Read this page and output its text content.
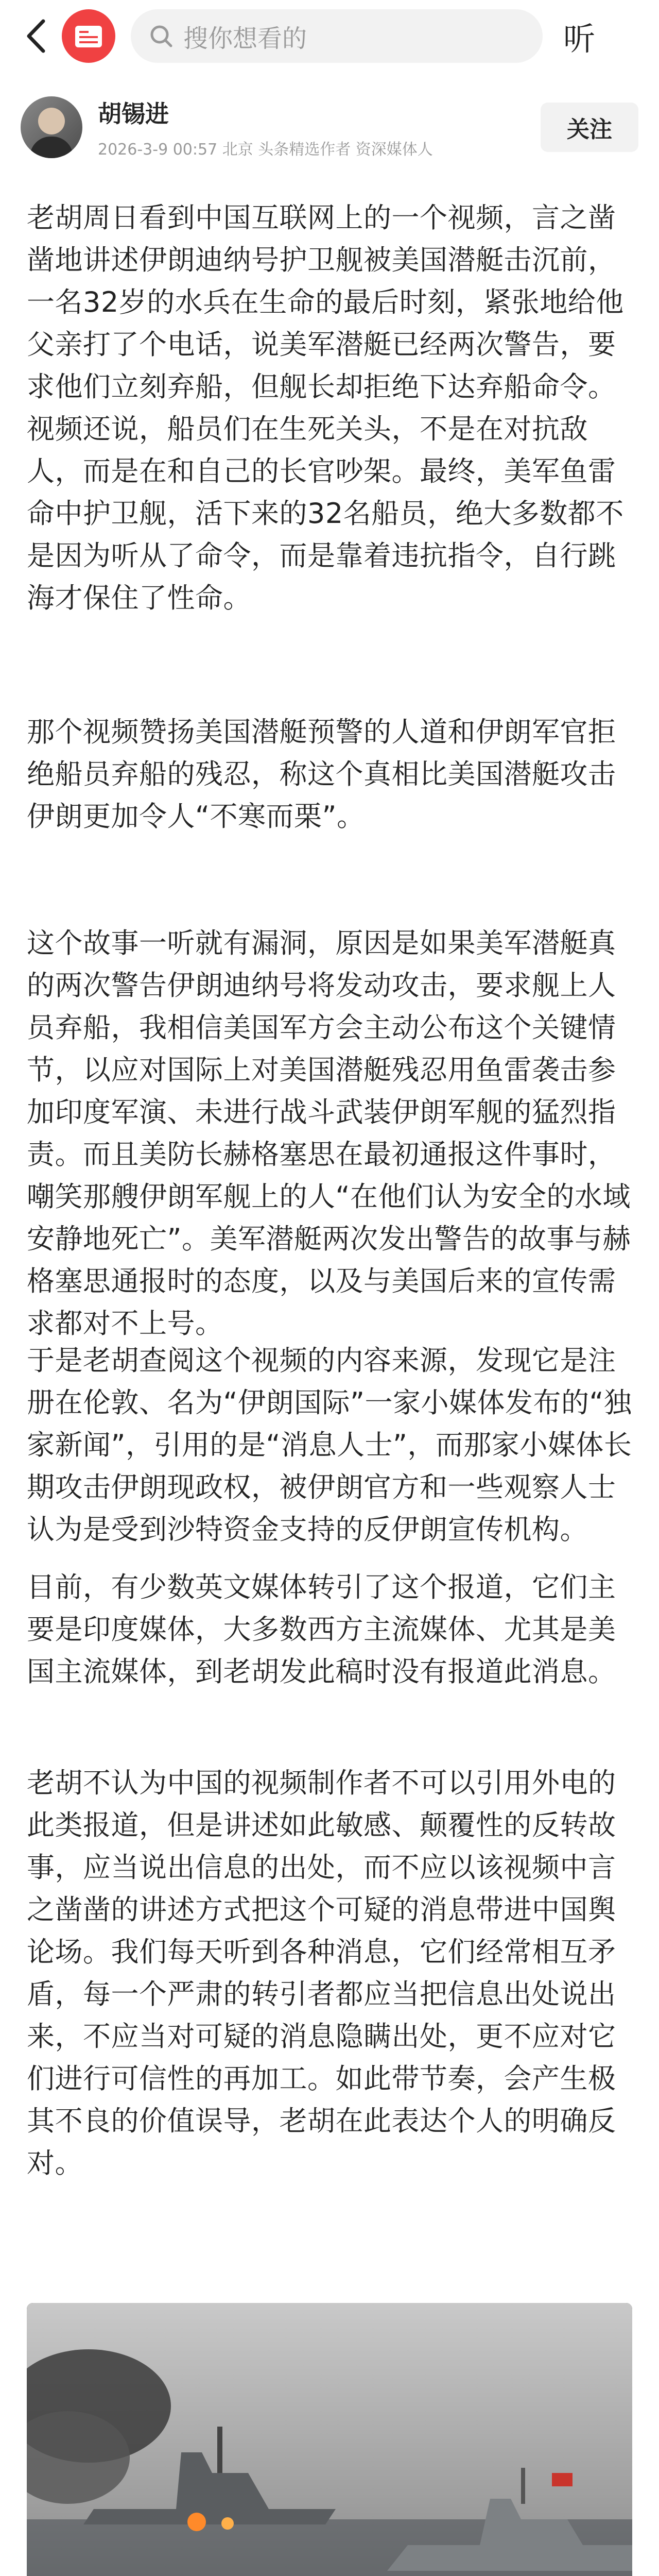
搜你想看的	听
胡锡进
2026-3-9 00:57 北京 头条精选作者 资深媒体人
关注
老胡周日看到中国互联网上的一个视频，言之凿凿地讲述伊朗迪纳号护卫舰被美国潜艇击沉前，一名32岁的水兵在生命的最后时刻，紧张地给他父亲打了个电话，说美军潜艇已经两次警告，要求他们立刻弃船，但舰长却拒绝下达弃船命令。视频还说，船员们在生死关头，不是在对抗敌人，而是在和自己的长官吵架。最终，美军鱼雷命中护卫舰，活下来的32名船员，绝大多数都不是因为听从了命令，而是靠着违抗指令，自行跳海才保住了性命。
那个视频赞扬美国潜艇预警的人道和伊朗军官拒绝船员弃船的残忍，称这个真相比美国潜艇攻击伊朗更加令人“不寒而栗”。
这个故事一听就有漏洞，原因是如果美军潜艇真的两次警告伊朗迪纳号将发动攻击，要求舰上人员弃船，我相信美国军方会主动公布这个关键情节，以应对国际上对美国潜艇残忍用鱼雷袭击参加印度军演、未进行战斗武装伊朗军舰的猛烈指责。而且美防长赫格塞思在最初通报这件事时，嘲笑那艘伊朗军舰上的人“在他们认为安全的水域安静地死亡”。美军潜艇两次发出警告的故事与赫格塞思通报时的态度，以及与美国后来的宣传需求都对不上号。
于是老胡查阅这个视频的内容来源，发现它是注册在伦敦、名为“伊朗国际”一家小媒体发布的“独家新闻”，引用的是“消息人士”，而那家小媒体长期攻击伊朗现政权，被伊朗官方和一些观察人士认为是受到沙特资金支持的反伊朗宣传机构。
目前，有少数英文媒体转引了这个报道，它们主要是印度媒体，大多数西方主流媒体、尤其是美国主流媒体，到老胡发此稿时没有报道此消息。
老胡不认为中国的视频制作者不可以引用外电的此类报道，但是讲述如此敏感、颠覆性的反转故事，应当说出信息的出处，而不应以该视频中言之凿凿的讲述方式把这个可疑的消息带进中国舆论场。我们每天听到各种消息，它们经常相互矛盾，每一个严肃的转引者都应当把信息出处说出来，不应当对可疑的消息隐瞒出处，更不应对它们进行可信性的再加工。如此带节奏，会产生极其不良的价值误导，老胡在此表达个人的明确反对。
